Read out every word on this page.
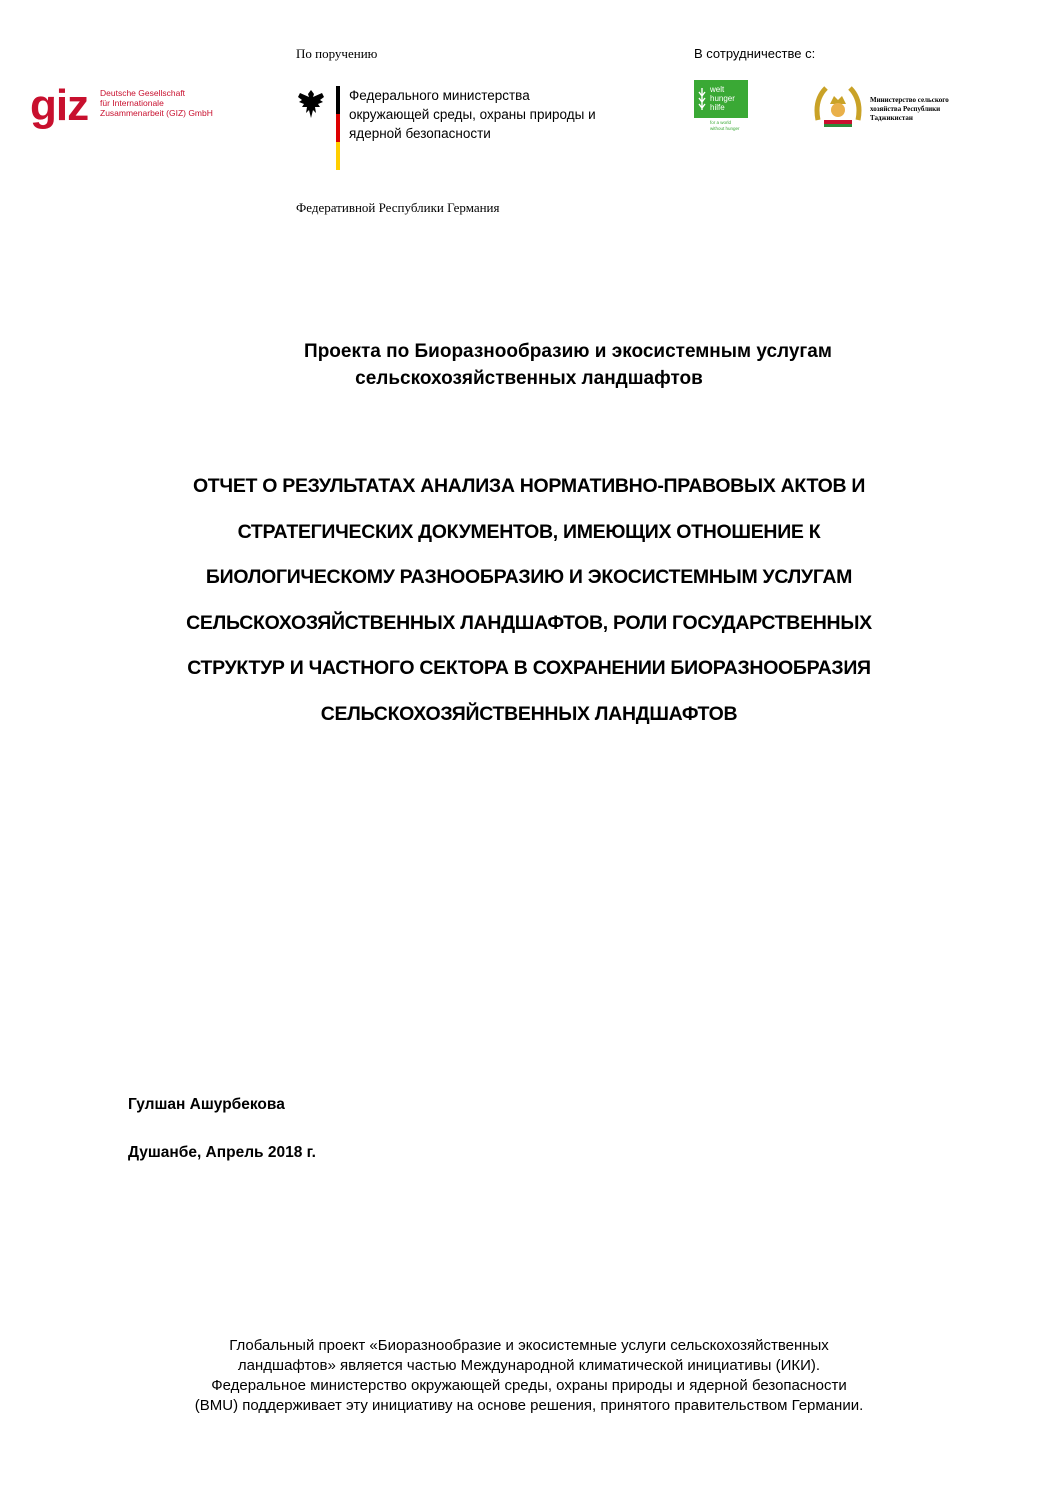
giz Deutsche Gesellschaft
für Internationale
Zusammenarbeit (GIZ) GmbH
По поручению
Федерального министерства
окружающей среды, охраны природы и
ядерной безопасности
Федеративной Республики Германия
В сотрудничестве с:
welt
hunger
hilfe
for a world
without hunger
Министерство сельского
хозяйства Республики
Таджикистан
Проекта по Биоразнообразию и экосистемным услугам
сельскохозяйственных ландшафтов
ОТЧЕТ О РЕЗУЛЬТАТАХ АНАЛИЗА НОРМАТИВНО-ПРАВОВЫХ АКТОВ И
СТРАТЕГИЧЕСКИХ ДОКУМЕНТОВ, ИМЕЮЩИХ ОТНОШЕНИЕ К
БИОЛОГИЧЕСКОМУ РАЗНООБРАЗИЮ И ЭКОСИСТЕМНЫМ УСЛУГАМ
СЕЛЬСКОХОЗЯЙСТВЕННЫХ ЛАНДШАФТОВ, РОЛИ ГОСУДАРСТВЕННЫХ
СТРУКТУР И ЧАСТНОГО СЕКТОРА В СОХРАНЕНИИ БИОРАЗНООБРАЗИЯ
СЕЛЬСКОХОЗЯЙСТВЕННЫХ ЛАНДШАФТОВ
Гулшан Ашурбекова
Душанбе, Апрель 2018 г.
Глобальный проект «Биоразнообразие и экосистемные услуги сельскохозяйственных
ландшафтов» является частью Международной климатической инициативы (ИКИ).
Федеральное министерство окружающей среды, охраны природы и ядерной безопасности
(BMU) поддерживает эту инициативу на основе решения, принятого правительством Германии.
